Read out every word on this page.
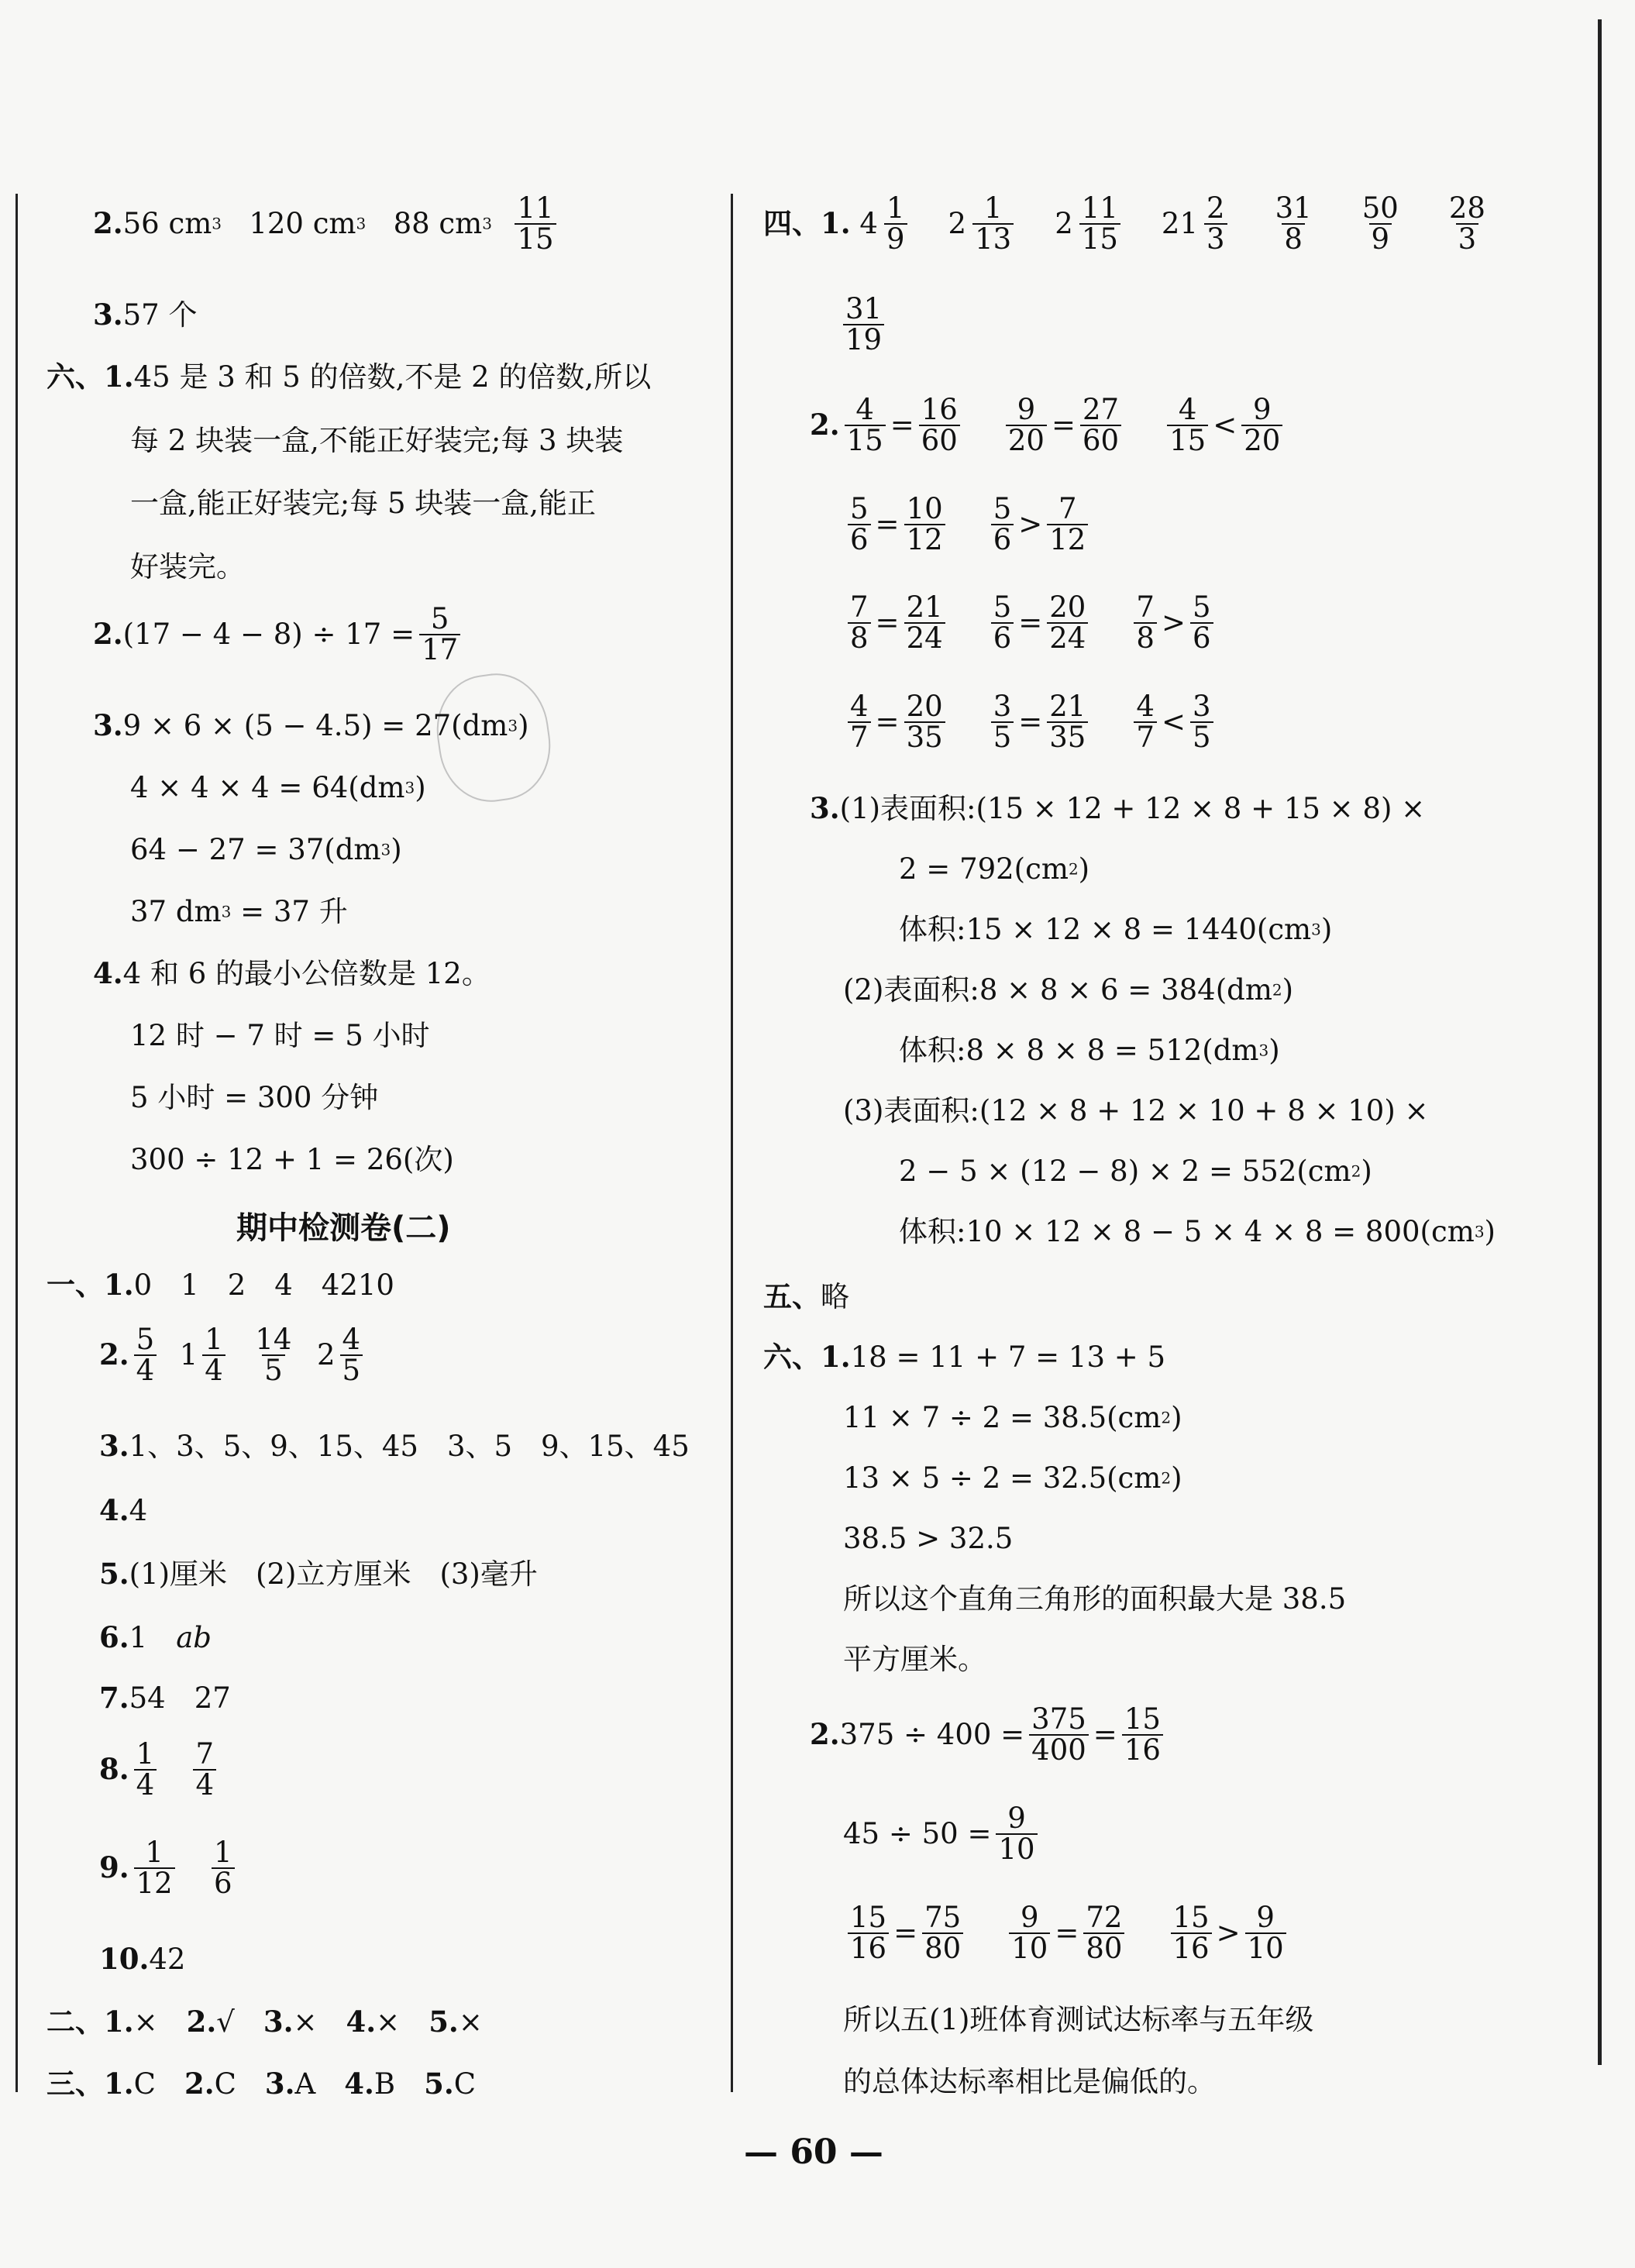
2.56 cm3 120 cm3 88 $cm3 \frac{11}{15}$
3.57 个
六、1.45 是 3 和 5 的倍数,不是 2 的倍数,所以
每 2 块装一盒,不能正好装完;每 3 块装
一盒,能正好装完;每 5 块装一盒,能正
好装完。
$2.(17 - 4 - 8) \div 17 = \frac{5}{17}$
3.9 × 6 × (5 − 4.5) = 27(dm3)
4 × 4 × 4 = 64(dm3)
64 − 27 = 37(dm3)
37 dm3 = 37 升
4.4 和 6 的最小公倍数是 12。
12 时 − 7 时 = 5 小时
5 小时 = 300 分钟
300 ÷ 12 + 1 = 26(次)
期中检测卷(二)
一、1.0　1　2　4　4210
2. $\frac{5}{4} 1 \frac{1}{4}$
$\frac{14}{5} 2 \frac{4}{5}$
3.1、3、5、9、15、45　3、5　9、15、45
4.4
5.(1)厘米　(2)立方厘米　(3)毫升
6.1　ab
7.54　27
8. $\frac{1}{4}$
$\frac{7}{4}$
9. $\frac{1}{12}$
$\frac{1}{6}$
10.42
二、1.×　2.√　3.×　4.×　5.×
三、1.C　2.C　3.A　4.B　5.C
四、1. 4 1
9
2 1
13
2 11
15
21 2
3

31
8

50
9

28
3
$\frac{31}{19}$
2. $\frac{4}{15} = \frac{16}{60}$
$\frac{9}{20} = \frac{27}{60}$
$\frac{4}{15} < \frac{9}{20}$
$\frac{5}{6} = \frac{10}{12}$
$\frac{5}{6} > \frac{7}{12}$
$\frac{7}{8} = \frac{21}{24}$
$\frac{5}{6} = \frac{20}{24}$
$\frac{7}{8} > \frac{5}{6}$
$\frac{4}{7} = \frac{20}{35}$
$\frac{3}{5} = \frac{21}{35}$
$\frac{4}{7} < \frac{3}{5}$
3.(1)表面积:(15 × 12 + 12 × 8 + 15 × 8) ×
2 = 792(cm2)
体积:15 × 12 × 8 = 1440(cm3)
(2)表面积:8 × 8 × 6 = 384(dm2)
体积:8 × 8 × 8 = 512(dm3)
(3)表面积:(12 × 8 + 12 × 10 + 8 × 10) ×
2 − 5 × (12 − 8) × 2 = 552(cm2)
体积:10 × 12 × 8 − 5 × 4 × 8 = 800(cm3)
五、略
六、1.18 = 11 + 7 = 13 + 5
11 × 7 ÷ 2 = 38.5(cm2)
13 × 5 ÷ 2 = 32.5(cm2)
38.5 > 32.5
所以这个直角三角形的面积最大是 38.5
平方厘米。
$2.375 \div 400 = \frac{375}{400} = \frac{15}{16}$
$45 \div 50 = \frac{9}{10}$
$\frac{15}{16} = \frac{75}{80}$
$\frac{9}{10} = \frac{72}{80}$
$\frac{15}{16} > \frac{9}{10}$
所以五(1)班体育测试达标率与五年级
的总体达标率相比是偏低的。
— 60 —
